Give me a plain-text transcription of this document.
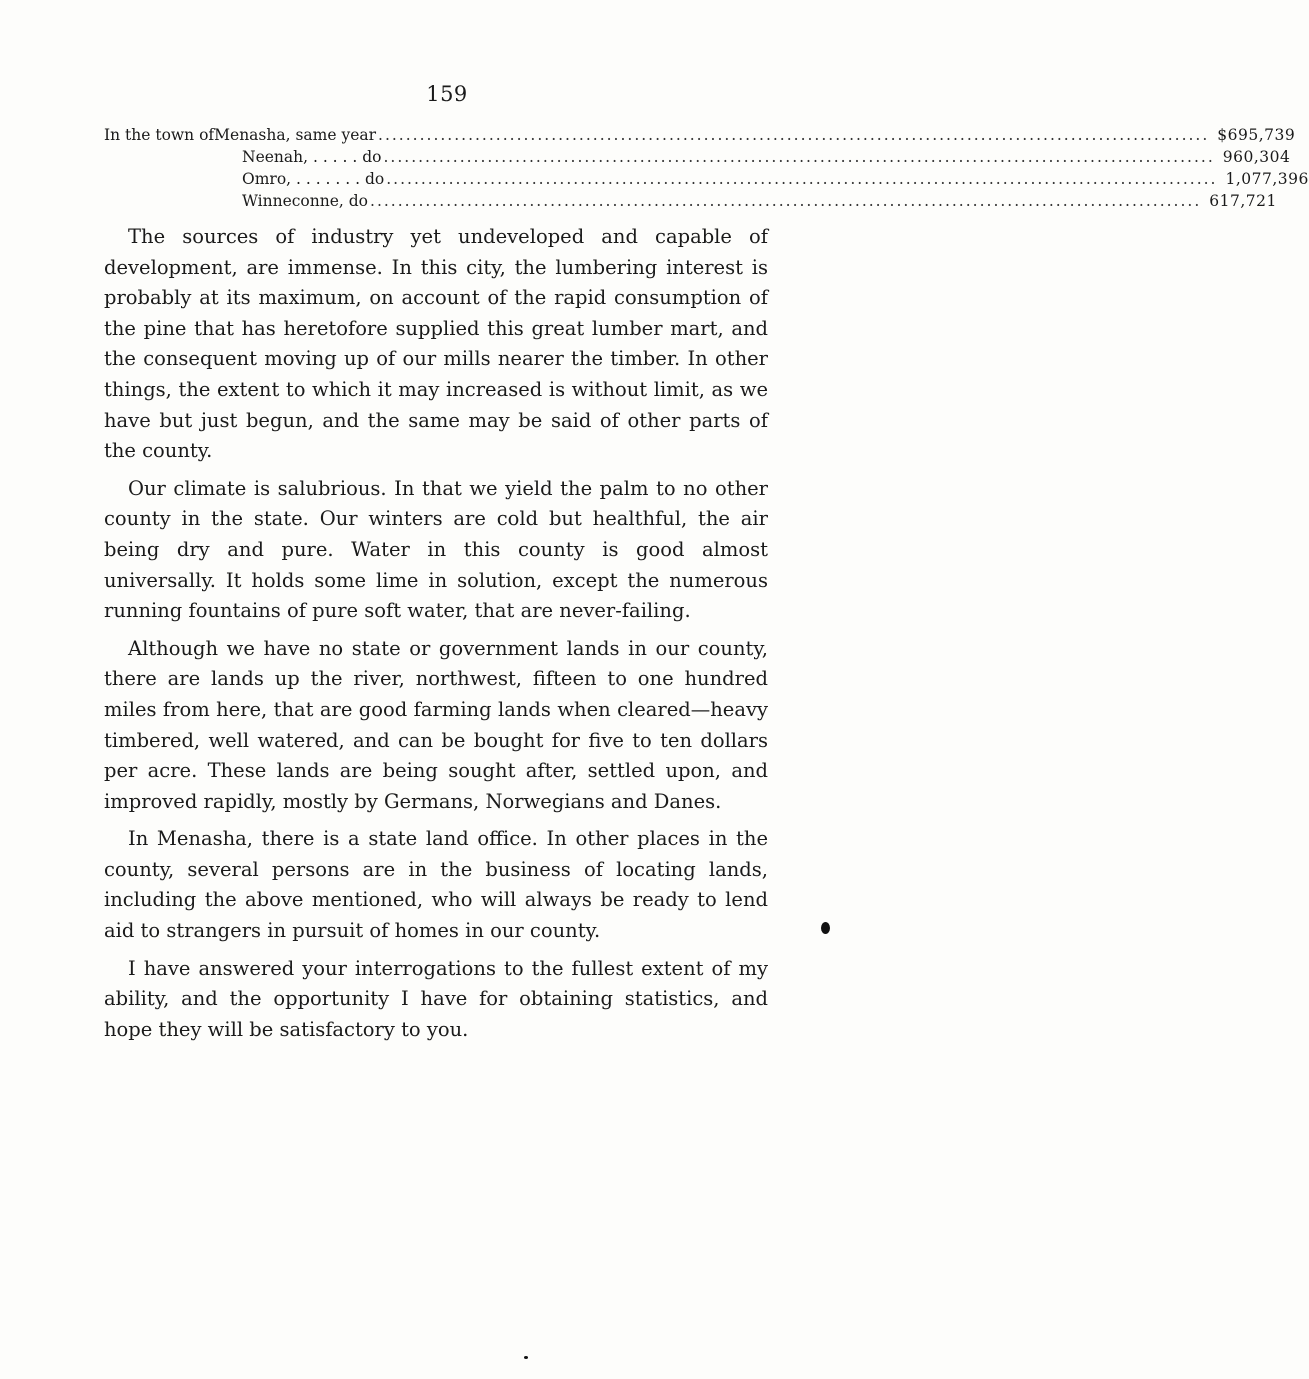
159
In the town of Menasha, same year ........................................................................................................................ $695,739
Neenah, . . . . . do ........................................................................................................................ 960,304
Omro, . . . . . . . do ........................................................................................................................ 1,077,396
Winneconne, do ........................................................................................................................ 617,721

The sources of industry yet undeveloped and capable of development, are immense. In this city, the lumbering interest is probably at its maximum, on account of the rapid consumption of the pine that has heretofore supplied this great lumber mart, and the consequent moving up of our mills nearer the timber. In other things, the extent to which it may increased is without limit, as we have but just begun, and the same may be said of other parts of the county.

Our climate is salubrious. In that we yield the palm to no other county in the state. Our winters are cold but healthful, the air being dry and pure. Water in this county is good almost universally. It holds some lime in solution, except the numerous running fountains of pure soft water, that are never-failing.

Although we have no state or government lands in our county, there are lands up the river, northwest, fifteen to one hundred miles from here, that are good farming lands when cleared—heavy timbered, well watered, and can be bought for five to ten dollars per acre. These lands are being sought after, settled upon, and improved rapidly, mostly by Germans, Norwegians and Danes.

In Menasha, there is a state land office. In other places in the county, several persons are in the business of locating lands, including the above mentioned, who will always be ready to lend aid to strangers in pursuit of homes in our county.

I have answered your interrogations to the fullest extent of my ability, and the opportunity I have for obtaining statistics, and hope they will be satisfactory to you.
